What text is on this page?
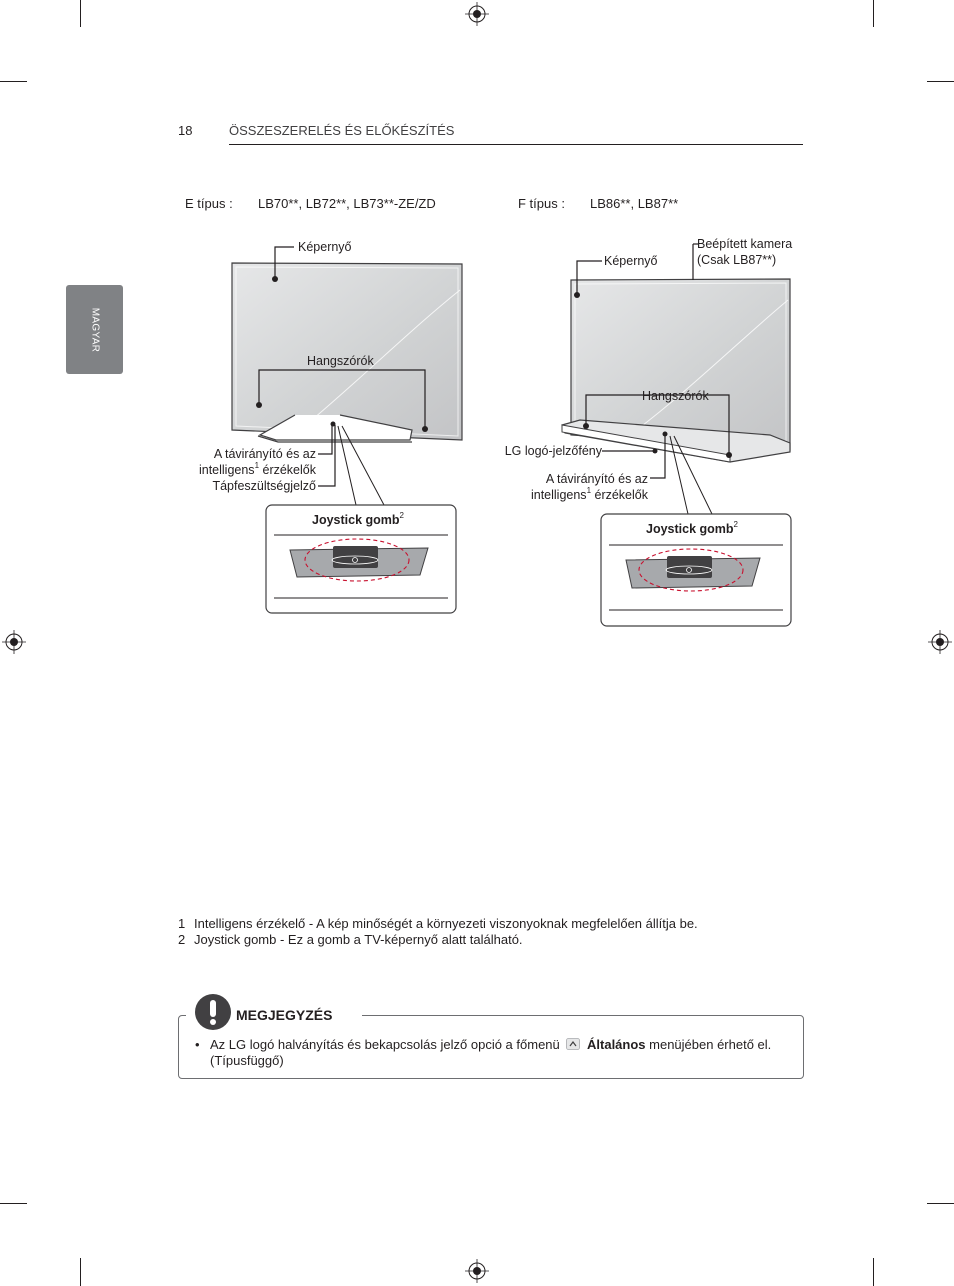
18	ÖSSZESZERELÉS ÉS ELŐKÉSZÍTÉS
MAGYAR
E típus : LB70**, LB72**, LB73**-ZE/ZD	F típus : LB86**, LB87**
Képernyő
Hangszórók
A távirányító és az
intelligens$^1$ érzékelők
Tápfeszültségjelző
Joystick gomb$^2$
Beépített kamera
(Csak LB87**)
Képernyő
Hangszórók
LG logó-jelzőfény
A távirányító és az
intelligens$^1$ érzékelők
Joystick gomb$^2$
1 Intelligens érzékelő - A kép minőségét a környezeti viszonyoknak megfelelően állítja be.
2 Joystick gomb - Ez a gomb a TV-képernyő alatt található.
MEGJEGYZÉS
• Az LG logó halványítás és bekapcsolás jelző opció a főmenü Általános menüjében érhető el.
(Típusfüggő)
